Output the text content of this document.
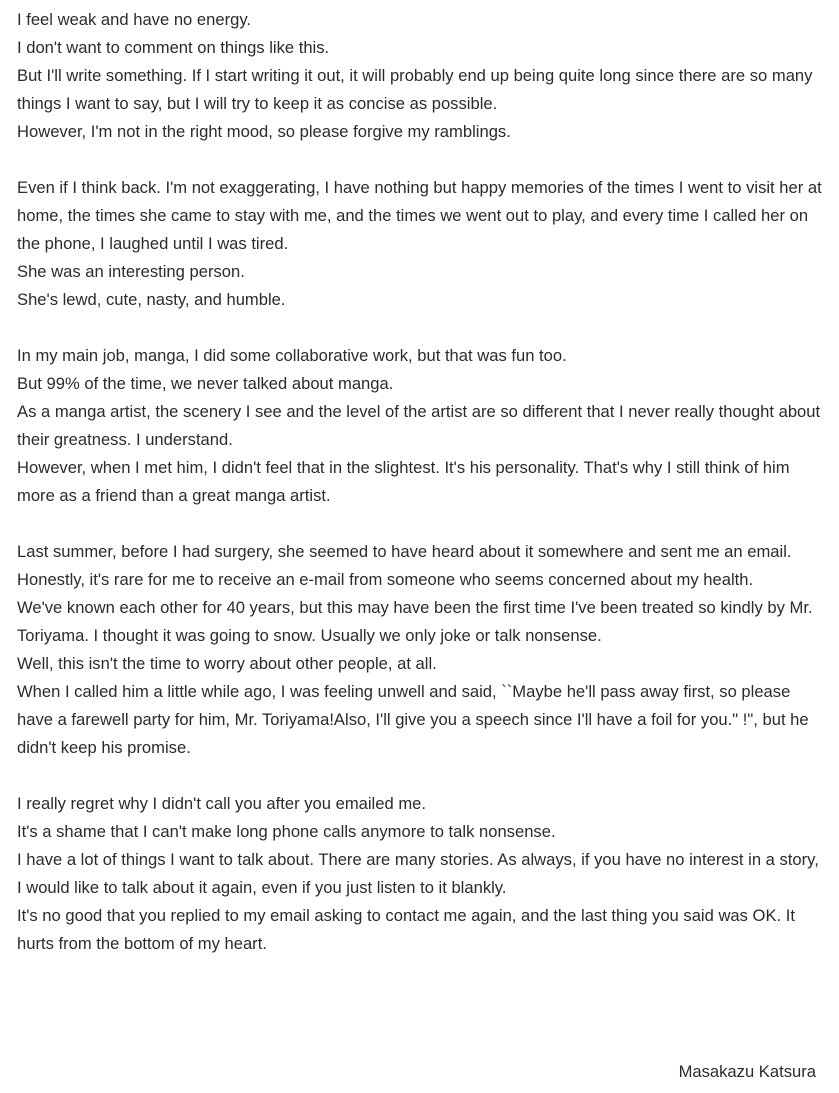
I feel weak and have no energy.
I don't want to comment on things like this.
But I'll write something. If I start writing it out, it will probably end up being quite long since there are so many things I want to say, but I will try to keep it as concise as possible.
However, I'm not in the right mood, so please forgive my ramblings.
Even if I think back. I'm not exaggerating, I have nothing but happy memories of the times I went to visit her at home, the times she came to stay with me, and the times we went out to play, and every time I called her on the phone, I laughed until I was tired.
She was an interesting person.
She's lewd, cute, nasty, and humble.
In my main job, manga, I did some collaborative work, but that was fun too.
But 99% of the time, we never talked about manga.
As a manga artist, the scenery I see and the level of the artist are so different that I never really thought about their greatness. I understand.
However, when I met him, I didn't feel that in the slightest. It's his personality. That's why I still think of him more as a friend than a great manga artist.
Last summer, before I had surgery, she seemed to have heard about it somewhere and sent me an email.
Honestly, it's rare for me to receive an e-mail from someone who seems concerned about my health.
We've known each other for 40 years, but this may have been the first time I've been treated so kindly by Mr. Toriyama. I thought it was going to snow. Usually we only joke or talk nonsense.
Well, this isn't the time to worry about other people, at all.
When I called him a little while ago, I was feeling unwell and said, ``Maybe he'll pass away first, so please have a farewell party for him, Mr. Toriyama!Also, I'll give you a speech since I'll have a foil for you." !", but he didn't keep his promise.
I really regret why I didn't call you after you emailed me.
It's a shame that I can't make long phone calls anymore to talk nonsense.
I have a lot of things I want to talk about. There are many stories. As always, if you have no interest in a story, I would like to talk about it again, even if you just listen to it blankly.
It's no good that you replied to my email asking to contact me again, and the last thing you said was OK. It hurts from the bottom of my heart.
Masakazu Katsura
